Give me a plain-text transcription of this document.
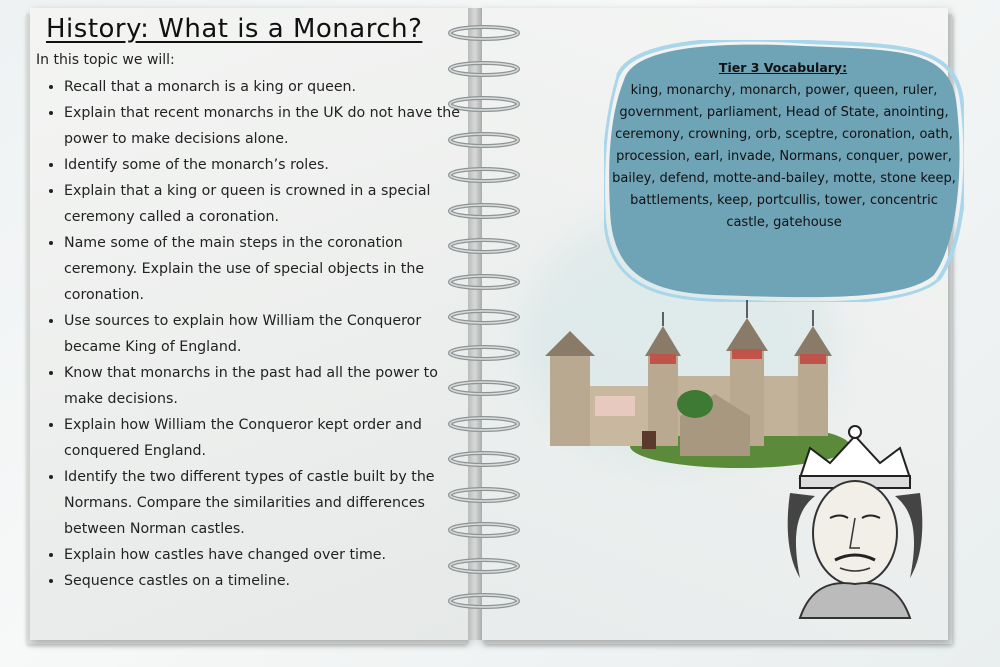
History: What is a Monarch?
In this topic we will:
• Recall that a monarch is a king or queen.
• Explain that recent monarchs in the UK do not have the power to make decisions alone.
• Identify some of the monarch’s roles.
• Explain that a king or queen is crowned in a special ceremony called a coronation.
• Name some of the main steps in the coronation ceremony. Explain the use of special objects in the coronation.
• Use sources to explain how William the Conqueror became King of England.
• Know that monarchs in the past had all the power to make decisions.
• Explain how William the Conqueror kept order and conquered England.
• Identify the two different types of castle built by the Normans. Compare the similarities and differences between Norman castles.
• Explain how castles have changed over time.
• Sequence castles on a timeline.
Tier 3 Vocabulary:
king, monarchy, monarch, power, queen, ruler, government, parliament, Head of State, anointing, ceremony, crowning, orb, sceptre, coronation, oath, procession, earl, invade, Normans, conquer, power, bailey, defend, motte-and-bailey, motte, stone keep, battlements, keep, portcullis, tower, concentric castle, gatehouse
